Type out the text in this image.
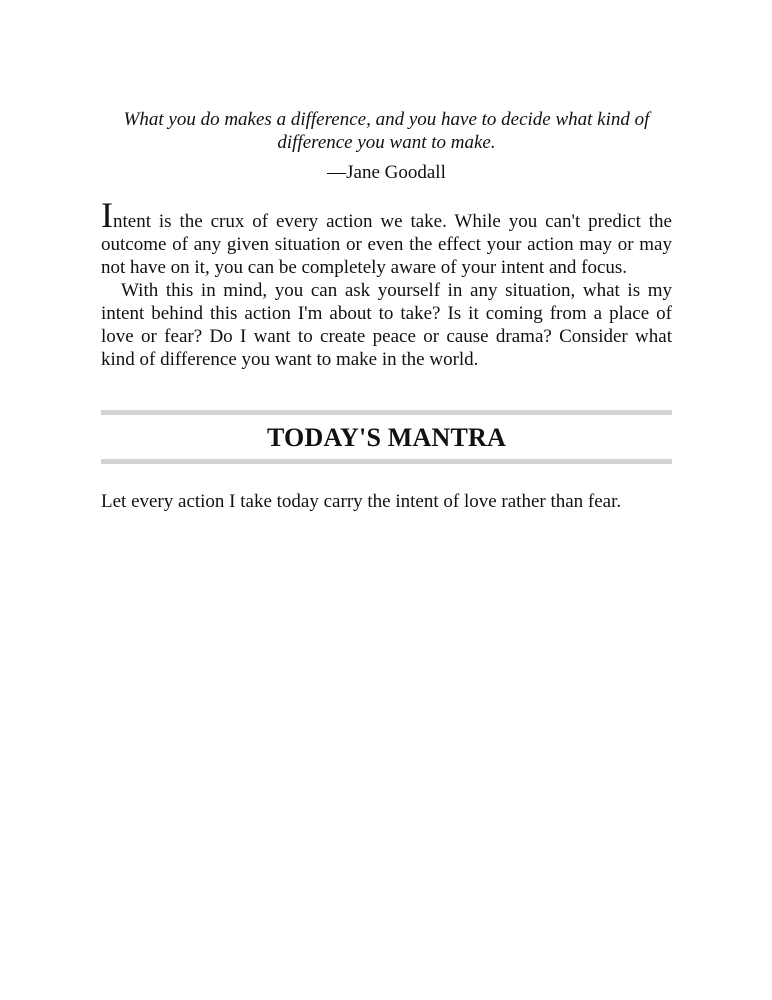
What you do makes a difference, and you have to decide what kind of
difference you want to make.
—Jane Goodall

Intent is the crux of every action we take. While you can't predict the outcome of any given situation or even the effect your action may or may not have on it, you can be completely aware of your intent and focus.

With this in mind, you can ask yourself in any situation, what is my intent behind this action I'm about to take? Is it coming from a place of love or fear? Do I want to create peace or cause drama? Consider what kind of difference you want to make in the world.

TODAY'S MANTRA
Let every action I take today carry the intent of love rather than fear.
